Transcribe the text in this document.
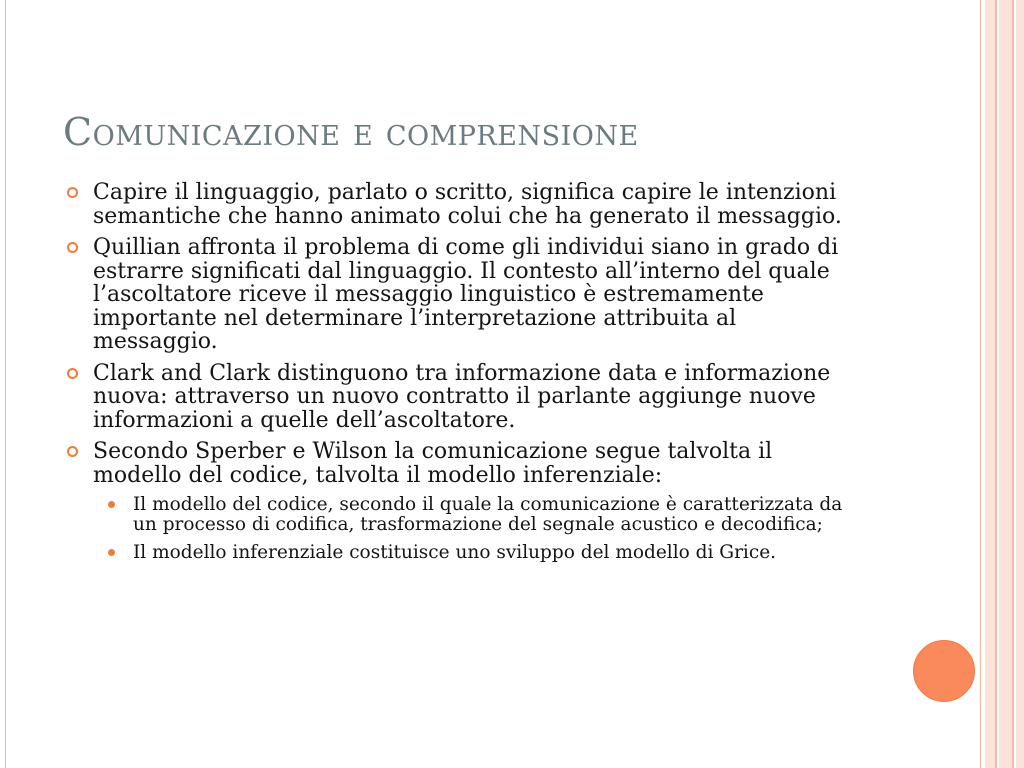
Comunicazione e comprensione
Capire il linguaggio, parlato o scritto, significa capire le intenzioni semantiche che hanno animato colui che ha generato il messaggio.
Quillian affronta il problema di come gli individui siano in grado di estrarre significati dal linguaggio. Il contesto all’interno del quale l’ascoltatore riceve il messaggio linguistico è estremamente importante nel determinare l’interpretazione attribuita al messaggio.
Clark and Clark distinguono tra informazione data e informazione nuova: attraverso un nuovo contratto il parlante aggiunge nuove informazioni a quelle dell’ascoltatore.
Secondo Sperber e Wilson la comunicazione segue talvolta il modello del codice, talvolta il modello inferenziale:
Il modello del codice, secondo il quale la comunicazione è caratterizzata da un processo di codifica, trasformazione del segnale acustico e decodifica;
Il modello inferenziale costituisce uno sviluppo del modello di Grice.
